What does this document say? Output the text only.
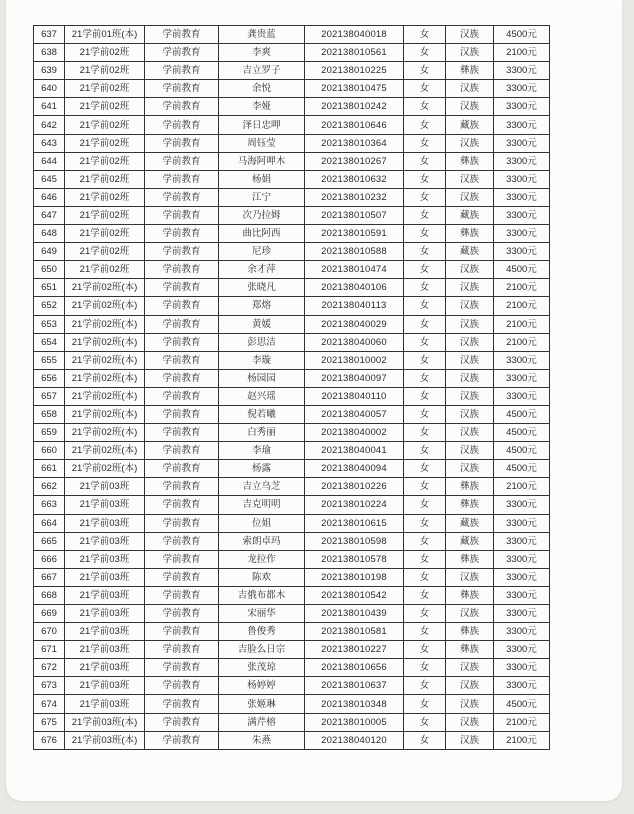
637	21学前01班(本)	学前教育	龚贵蓝	202138040018	女	汉族	4500元
638	21学前02班	学前教育	李爽	202138010561	女	汉族	2100元
639	21学前02班	学前教育	吉立罗子	202138010225	女	彝族	3300元
640	21学前02班	学前教育	余悦	202138010475	女	汉族	3300元
641	21学前02班	学前教育	李娅	202138010242	女	汉族	3300元
642	21学前02班	学前教育	泽日忠呷	202138010646	女	藏族	3300元
643	21学前02班	学前教育	周钰莹	202138010364	女	汉族	3300元
644	21学前02班	学前教育	马海阿呷木	202138010267	女	彝族	3300元
645	21学前02班	学前教育	杨娟	202138010632	女	汉族	3300元
646	21学前02班	学前教育	江宁	202138010232	女	汉族	3300元
647	21学前02班	学前教育	次乃拉姆	202138010507	女	藏族	3300元
648	21学前02班	学前教育	曲比阿西	202138010591	女	彝族	3300元
649	21学前02班	学前教育	尼珍	202138010588	女	藏族	3300元
650	21学前02班	学前教育	余才萍	202138010474	女	汉族	4500元
651	21学前02班(本)	学前教育	张晓凡	202138040106	女	汉族	2100元
652	21学前02班(本)	学前教育	郑熔	202138040113	女	汉族	2100元
653	21学前02班(本)	学前教育	黄媛	202138040029	女	汉族	2100元
654	21学前02班(本)	学前教育	彭思洁	202138040060	女	汉族	2100元
655	21学前02班(本)	学前教育	李璇	202138010002	女	汉族	3300元
656	21学前02班(本)	学前教育	杨园园	202138040097	女	汉族	3300元
657	21学前02班(本)	学前教育	赵兴瑶	202138040110	女	汉族	3300元
658	21学前02班(本)	学前教育	倪若曦	202138040057	女	汉族	4500元
659	21学前02班(本)	学前教育	白秀丽	202138040002	女	汉族	4500元
660	21学前02班(本)	学前教育	李瑜	202138040041	女	汉族	4500元
661	21学前02班(本)	学前教育	杨露	202138040094	女	汉族	4500元
662	21学前03班	学前教育	吉立乌芝	202138010226	女	彝族	2100元
663	21学前03班	学前教育	吉克明明	202138010224	女	彝族	3300元
664	21学前03班	学前教育	位姐	202138010615	女	藏族	3300元
665	21学前03班	学前教育	索朗卓玛	202138010598	女	藏族	3300元
666	21学前03班	学前教育	龙拉作	202138010578	女	彝族	3300元
667	21学前03班	学前教育	陈欢	202138010198	女	汉族	3300元
668	21学前03班	学前教育	吉俄布都木	202138010542	女	彝族	3300元
669	21学前03班	学前教育	宋丽华	202138010439	女	汉族	3300元
670	21学前03班	学前教育	鲁俊秀	202138010581	女	彝族	3300元
671	21学前03班	学前教育	吉脸么日宗	202138010227	女	彝族	3300元
672	21学前03班	学前教育	张茂琼	202138010656	女	汉族	3300元
673	21学前03班	学前教育	杨婷婷	202138010637	女	汉族	3300元
674	21学前03班	学前教育	张姬琳	202138010348	女	汉族	4500元
675	21学前03班(本)	学前教育	满芹榕	202138010005	女	汉族	2100元
676	21学前03班(本)	学前教育	朱燕	202138040120	女	汉族	2100元
